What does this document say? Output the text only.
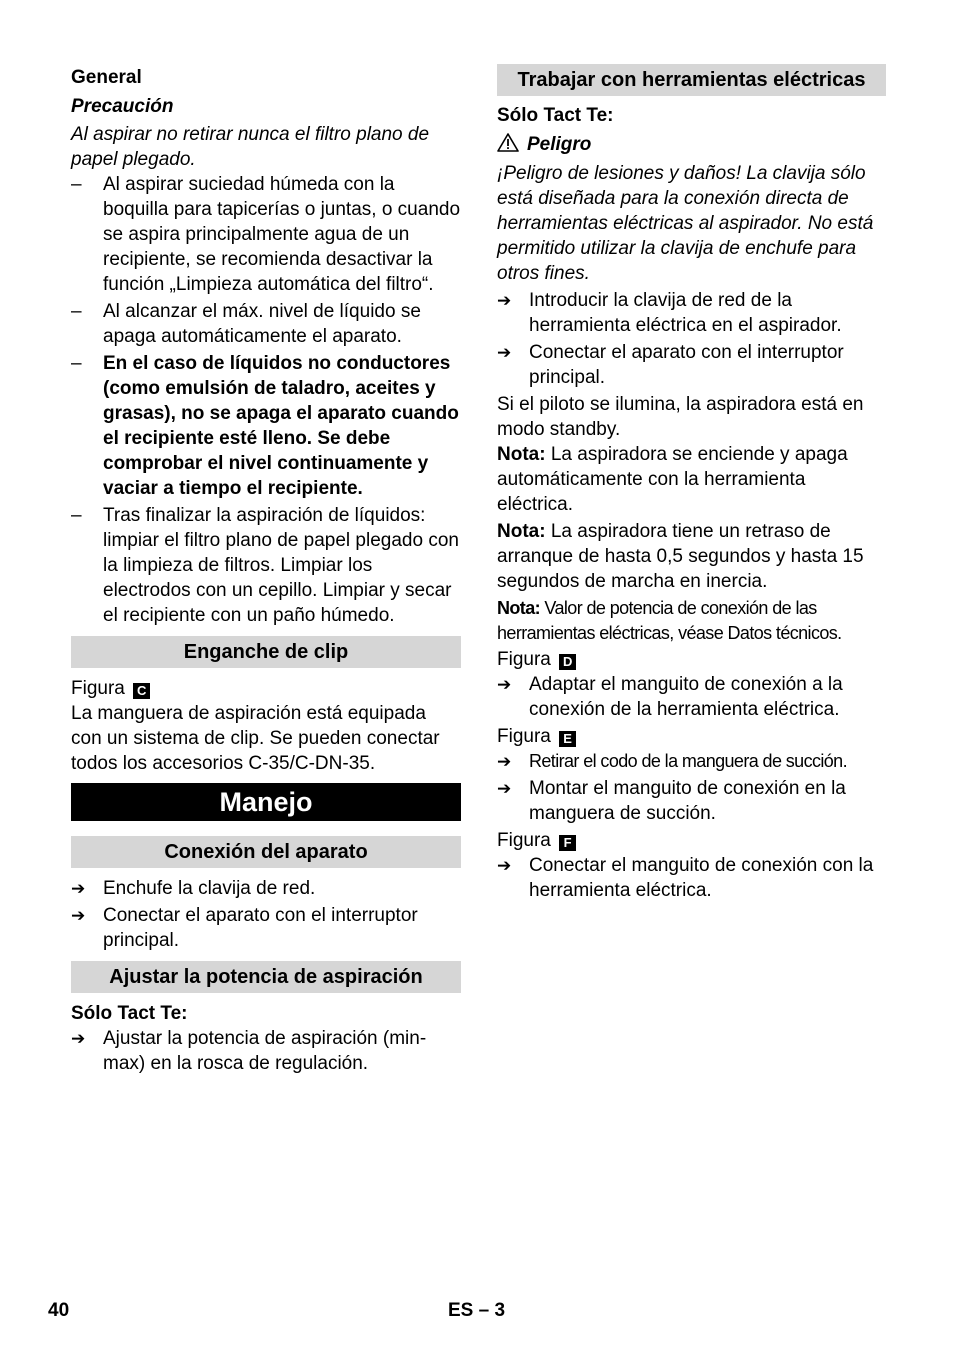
General

Precaución

Al aspirar no retirar nunca el filtro plano de papel plegado.

–	Al aspirar suciedad húmeda con la boquilla para tapicerías o juntas, o cuando se aspira principalmente agua de un recipiente, se recomienda desactivar la función „Limpieza automática del filtro“.
–	Al alcanzar el máx. nivel de líquido se apaga automáticamente el aparato.
–	En el caso de líquidos no conductores (como emulsión de taladro, aceites y grasas), no se apaga el aparato cuando el recipiente esté lleno. Se debe comprobar el nivel continuamente y vaciar a tiempo el recipiente.
–	Tras finalizar la aspiración de líquidos: limpiar el filtro plano de papel plegado con la limpieza de filtros. Limpiar los electrodos con un cepillo. Limpiar y secar el recipiente con un paño húmedo.
Enganche de clip

Figura C

La manguera de aspiración está equipada con un sistema de clip. Se pueden conectar todos los accesorios C-35/C-DN-35.

Manejo
Conexión del aparato
➔ Enchufe la clavija de red.
➔ Conectar el aparato con el interruptor principal.
Ajustar la potencia de aspiración

Sólo Tact Te:

➔ Ajustar la potencia de aspiración (min-max) en la rosca de regulación.
Trabajar con herramientas eléctricas

Sólo Tact Te:

Peligro

¡Peligro de lesiones y daños! La clavija sólo está diseñada para la conexión directa de herramientas eléctricas al aspirador. No está permitido utilizar la clavija de enchufe para otros fines.

➔ Introducir la clavija de red de la herramienta eléctrica en el aspirador.
➔ Conectar el aparato con el interruptor principal.

Si el piloto se ilumina, la aspiradora está en modo standby.

Nota: La aspiradora se enciende y apaga automáticamente con la herramienta eléctrica.

Nota: La aspiradora tiene un retraso de arranque de hasta 0,5 segundos y hasta 15 segundos de marcha en inercia.

Nota: Valor de potencia de conexión de las herramientas eléctricas, véase Datos técnicos.

Figura D

➔ Adaptar el manguito de conexión a la conexión de la herramienta eléctrica.

Figura E

➔ Retirar el codo de la manguera de succión.
➔ Montar el manguito de conexión en la manguera de succión.

Figura F

➔ Conectar el manguito de conexión con la herramienta eléctrica.
40	ES – 3
